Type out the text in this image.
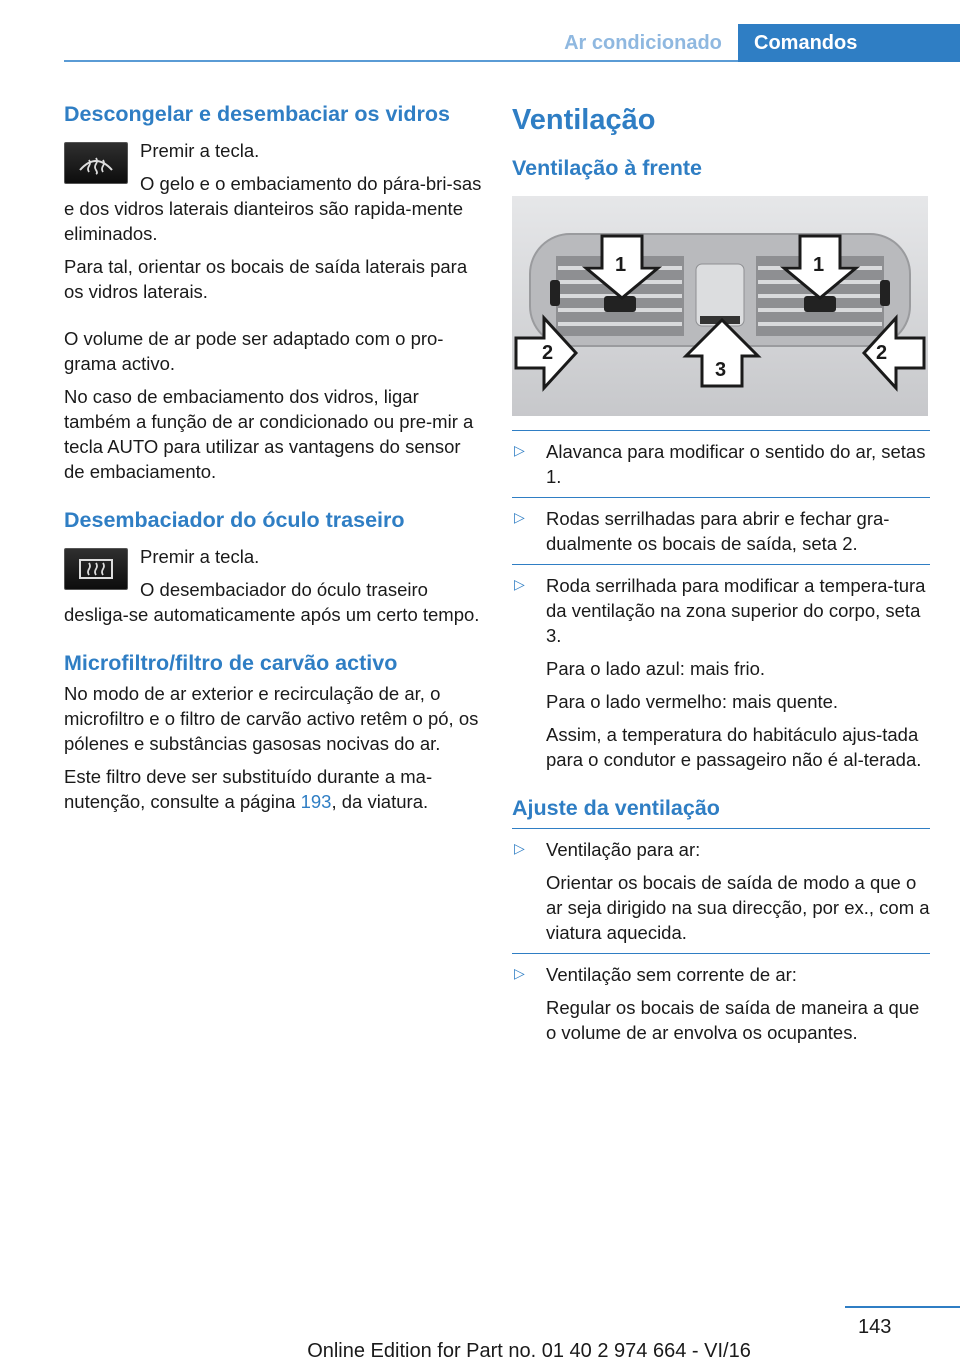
Ar condicionado	Comandos
Descongelar e desembaciar os vidros

Premir a tecla.

O gelo e o embaciamento do pára-bri-sas e dos vidros laterais dianteiros são rapida-mente eliminados.

Para tal, orientar os bocais de saída laterais para os vidros laterais.

O volume de ar pode ser adaptado com o pro-grama activo.

No caso de embaciamento dos vidros, ligar também a função de ar condicionado ou pre-mir a tecla AUTO para utilizar as vantagens do sensor de embaciamento.

Desembaciador do óculo traseiro

Premir a tecla.

O desembaciador do óculo traseiro desliga-se automaticamente após um certo tempo.

Microfiltro/filtro de carvão activo

No modo de ar exterior e recirculação de ar, o microfiltro e o filtro de carvão activo retêm o pó, os pólenes e substâncias gasosas nocivas do ar.

Este filtro deve ser substituído durante a ma-nutenção, consulte a página 193, da viatura.

Ventilação
Ventilação à frente
1	1
2	2
3
▷ Alavanca para modificar o sentido do ar, setas 1.

▷ Rodas serrilhadas para abrir e fechar gra-dualmente os bocais de saída, seta 2.

▷ Roda serrilhada para modificar a tempera-tura da ventilação na zona superior do corpo, seta 3.

Para o lado azul: mais frio.

Para o lado vermelho: mais quente.

Assim, a temperatura do habitáculo ajus-tada para o condutor e passageiro não é al-terada.

Ajuste da ventilação
▷ Ventilação para ar:

Orientar os bocais de saída de modo a que o ar seja dirigido na sua direcção, por ex., com a viatura aquecida.

▷ Ventilação sem corrente de ar:

Regular os bocais de saída de maneira a que o volume de ar envolva os ocupantes.

143
Online Edition for Part no. 01 40 2 974 664 - VI/16
